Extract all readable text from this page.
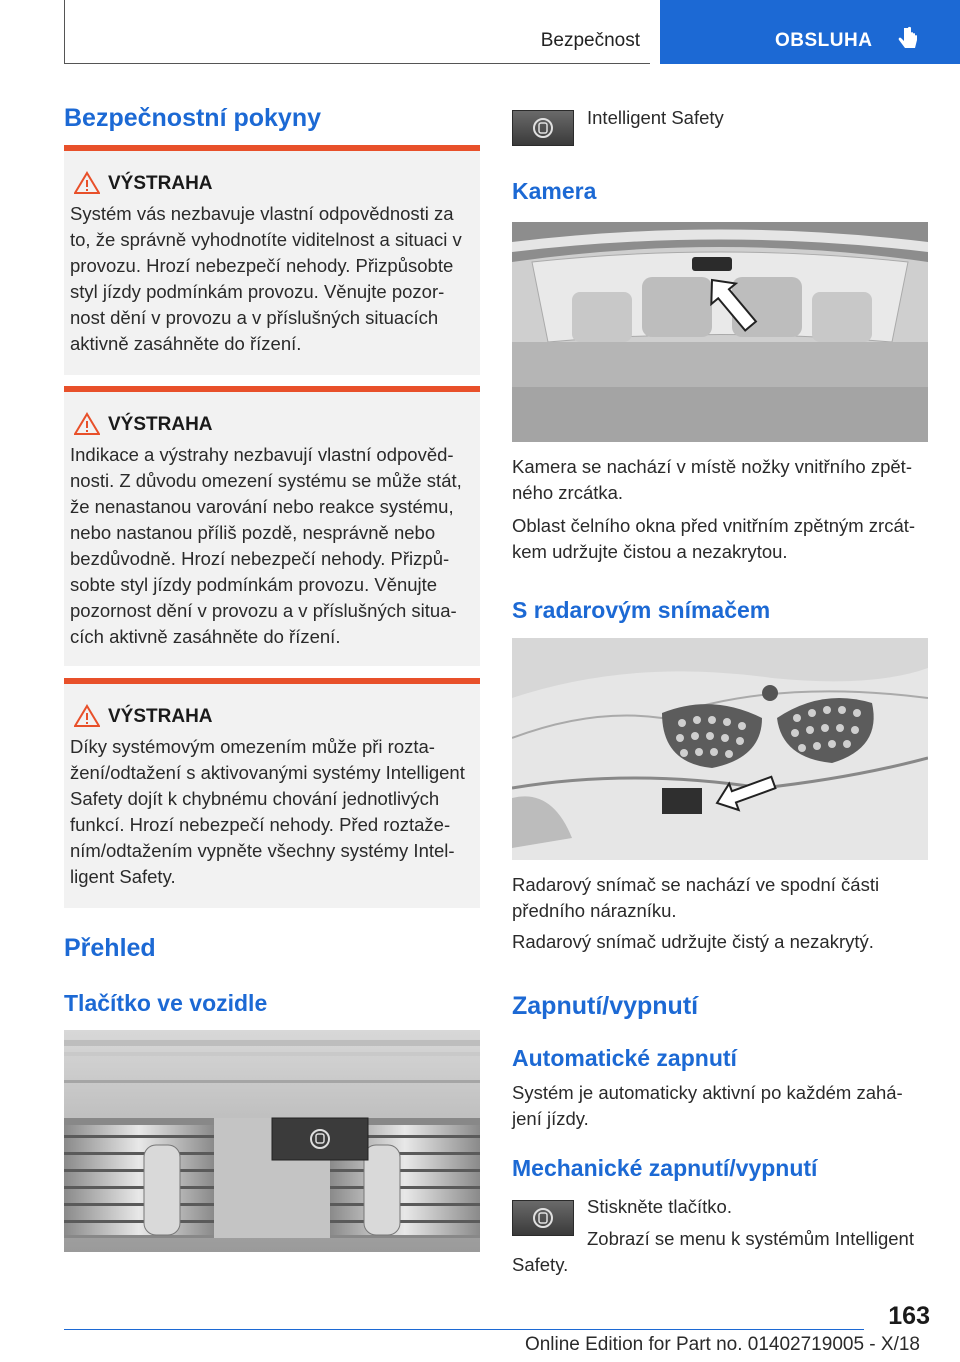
Bezpečnost	OBSLUHA
Bezpečnostní pokyny
VÝSTRAHA
Systém vás nezbavuje vlastní odpovědnosti za
to, že správně vyhodnotíte viditelnost a situaci v
provozu. Hrozí nebezpečí nehody. Přizpůsobte
styl jízdy podmínkám provozu. Věnujte pozor-
nost dění v provozu a v příslušných situacích
aktivně zasáhněte do řízení.
VÝSTRAHA
Indikace a výstrahy nezbavují vlastní odpověd-
nosti. Z důvodu omezení systému se může stát,
že nenastanou varování nebo reakce systému,
nebo nastanou příliš pozdě, nesprávně nebo
bezdůvodně. Hrozí nebezpečí nehody. Přizpů-
sobte styl jízdy podmínkám provozu. Věnujte
pozornost dění v provozu a v příslušných situa-
cích aktivně zasáhněte do řízení.
VÝSTRAHA
Díky systémovým omezením může při rozta-
žení/odtažení s aktivovanými systémy Intelligent
Safety dojít k chybnému chování jednotlivých
funkcí. Hrozí nebezpečí nehody. Před roztaže-
ním/odtažením vypněte všechny systémy Intel-
ligent Safety.
Přehled
Tlačítko ve vozidle
Intelligent Safety
Kamera
Kamera se nachází v místě nožky vnitřního zpět-
ného zrcátka.
Oblast čelního okna před vnitřním zpětným zrcát-
kem udržujte čistou a nezakrytou.
S radarovým snímačem
Radarový snímač se nachází ve spodní části
předního nárazníku.
Radarový snímač udržujte čistý a nezakrytý.
Zapnutí/vypnutí
Automatické zapnutí
Systém je automaticky aktivní po každém zahá-
jení jízdy.
Mechanické zapnutí/vypnutí
Stiskněte tlačítko.
Zobrazí se menu k systémům Intelligent
Safety.
163
Online Edition for Part no. 01402719005 - X/18
